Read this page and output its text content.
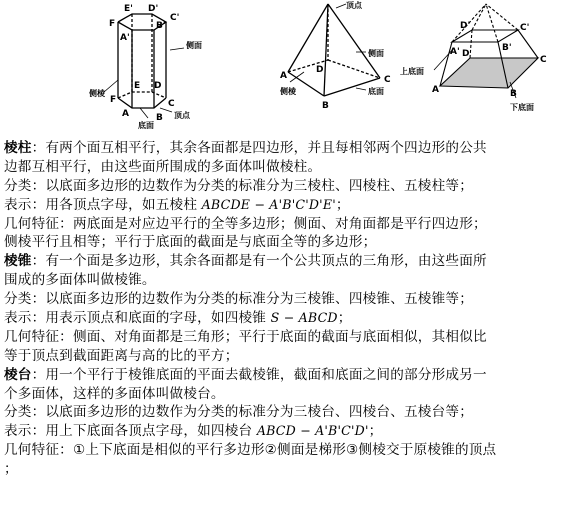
F
E' D'
C'
B'
A'
F
E D
C
B
A
侧棱
侧面
底面
顶点
顶点
侧面
侧棱	底面
A
B
C
D
D'	C'
A'	B'
D
C
A	B
上底面
下底面
棱柱：有两个面互相平行，其余各面都是四边形，并且每相邻两个四边形的公共
边都互相平行，由这些面所围成的多面体叫做棱柱。
分类：以底面多边形的边数作为分类的标准分为三棱柱、四棱柱、五棱柱等；
表示：用各顶点字母，如五棱柱 ABCDE − A'B'C'D'E'；
几何特征：两底面是对应边平行的全等多边形；侧面、对角面都是平行四边形；
侧棱平行且相等；平行于底面的截面是与底面全等的多边形；
棱锥：有一个面是多边形，其余各面都是有一个公共顶点的三角形，由这些面所
围成的多面体叫做棱锥。
分类：以底面多边形的边数作为分类的标准分为三棱锥、四棱锥、五棱锥等；
表示：用表示顶点和底面的字母，如四棱锥 S − ABCD；
几何特征：侧面、对角面都是三角形；平行于底面的截面与底面相似，其相似比
等于顶点到截面距离与高的比的平方；
棱台：用一个平行于棱锥底面的平面去截棱锥，截面和底面之间的部分形成另一
个多面体，这样的多面体叫做棱台。
分类：以底面多边形的边数作为分类的标准分为三棱台、四棱台、五棱台等；
表示：用上下底面各顶点字母，如四棱台 ABCD − A'B'C'D'；
几何特征：①上下底面是相似的平行多边形②侧面是梯形③侧棱交于原棱锥的顶点
；
